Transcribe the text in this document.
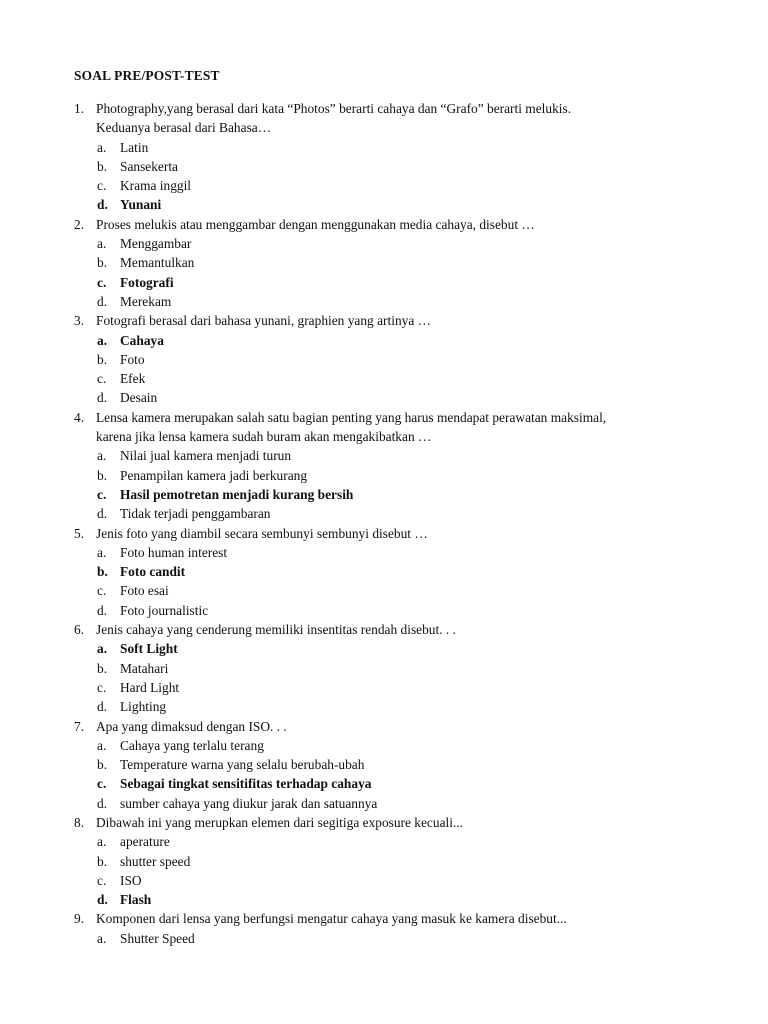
SOAL PRE/POST-TEST
1. Photography,yang berasal dari kata “Photos” berarti cahaya dan “Grafo” berarti melukis.
Keduanya berasal dari Bahasa…
a. Latin
b. Sansekerta
c. Krama inggil
d. Yunani
2. Proses melukis atau menggambar dengan menggunakan media cahaya, disebut …
a. Menggambar
b. Memantulkan
c. Fotografi
d. Merekam
3. Fotografi berasal dari bahasa yunani, graphien yang artinya …
a. Cahaya
b. Foto
c. Efek
d. Desain
4. Lensa kamera merupakan salah satu bagian penting yang harus mendapat perawatan maksimal,
karena jika lensa kamera sudah buram akan mengakibatkan …
a. Nilai jual kamera menjadi turun
b. Penampilan kamera jadi berkurang
c. Hasil pemotretan menjadi kurang bersih
d. Tidak terjadi penggambaran
5. Jenis foto yang diambil secara sembunyi sembunyi disebut …
a. Foto human interest
b. Foto candit
c. Foto esai
d. Foto journalistic
6. Jenis cahaya yang cenderung memiliki insentitas rendah disebut. . .
a. Soft Light
b. Matahari
c. Hard Light
d. Lighting
7. Apa yang dimaksud dengan ISO. . .
a. Cahaya yang terlalu terang
b. Temperature warna yang selalu berubah-ubah
c. Sebagai tingkat sensitifitas terhadap cahaya
d. sumber cahaya yang diukur jarak dan satuannya
8. Dibawah ini yang merupkan elemen dari segitiga exposure kecuali...
a. aperature
b. shutter speed
c. ISO
d. Flash
9. Komponen dari lensa yang berfungsi mengatur cahaya yang masuk ke kamera disebut...
a. Shutter Speed
